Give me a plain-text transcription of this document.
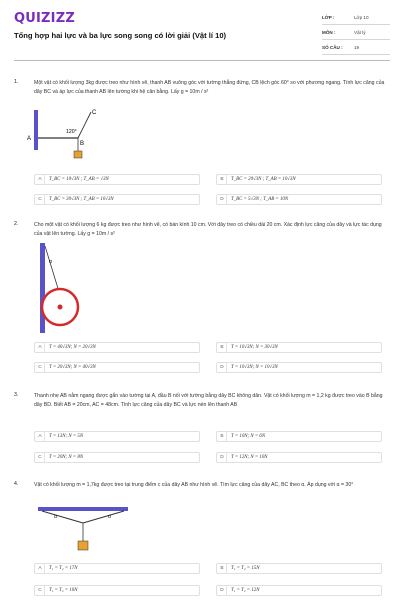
QUIZIZZ
Tổng hợp hai lực và ba lực song song có lời giải (Vật lí 10)
LỚP :	Lớp 10
MÔN :	Vật lý
SỐ CÂU :	19
1.	Một vật có khối lượng 3kg được treo như hình vẽ, thanh AB vuông góc với tường thẳng đứng, CB lệch góc 60° so với phương ngang. Tính lực căng của dây BC và áp lực của thanh AB lên tường khi hệ cân bằng. Lấy g = 10m / s²
A
B
C
120°
A	T_BC = 10√3N ; T_AB = √3N	B	T_BC = 20√3N ; T_AB = 10√3N
C	T_BC = 30√3N ; T_AB = 10√3N	D	T_BC = 5√3N ; T_AB = 10N
2.	Cho một vật có khối lượng 6 kg được treo như hình vẽ, có bán kính 10 cm. Với dây treo có chiều dài 20 cm. Xác định lực căng của dây và lực tác dụng của vật lên tường. Lấy g = 10m / s²
α
A	T = 40√3N; N = 20√3N	B	T = 10√3N; N = 30√3N
C	T = 20√3N; N = 40√3N	D	T = 10√3N; N = 10√3N
3.	Thanh nhẹ AB nằm ngang được gắn vào tường tại A, đầu B nối với tường bằng dây BC không dãn. Vật có khối lượng m = 1,2 kg được treo vào B bằng dây BD. Biết AB = 20cm, AC = 48cm. Tính lực căng của dây BC và lực nén lên thanh AB
A	T = 13N; N = 5N	B	T = 10N; N = 6N
C	T = 20N; N = 8N	D	T = 12N; N = 10N
4.	Vật có khối lượng m = 1,7kg được treo tại trung điểm c của dây AB như hình vẽ. Tìm lực căng của dây AC, BC theo α. Áp dụng với α = 30°
α	α
A	T₁ = T₂ = 17N	B	T₁ = T₂ = 15N
C	T₁ = T₂ = 10N	D	T₁ = T₂ = 12N
